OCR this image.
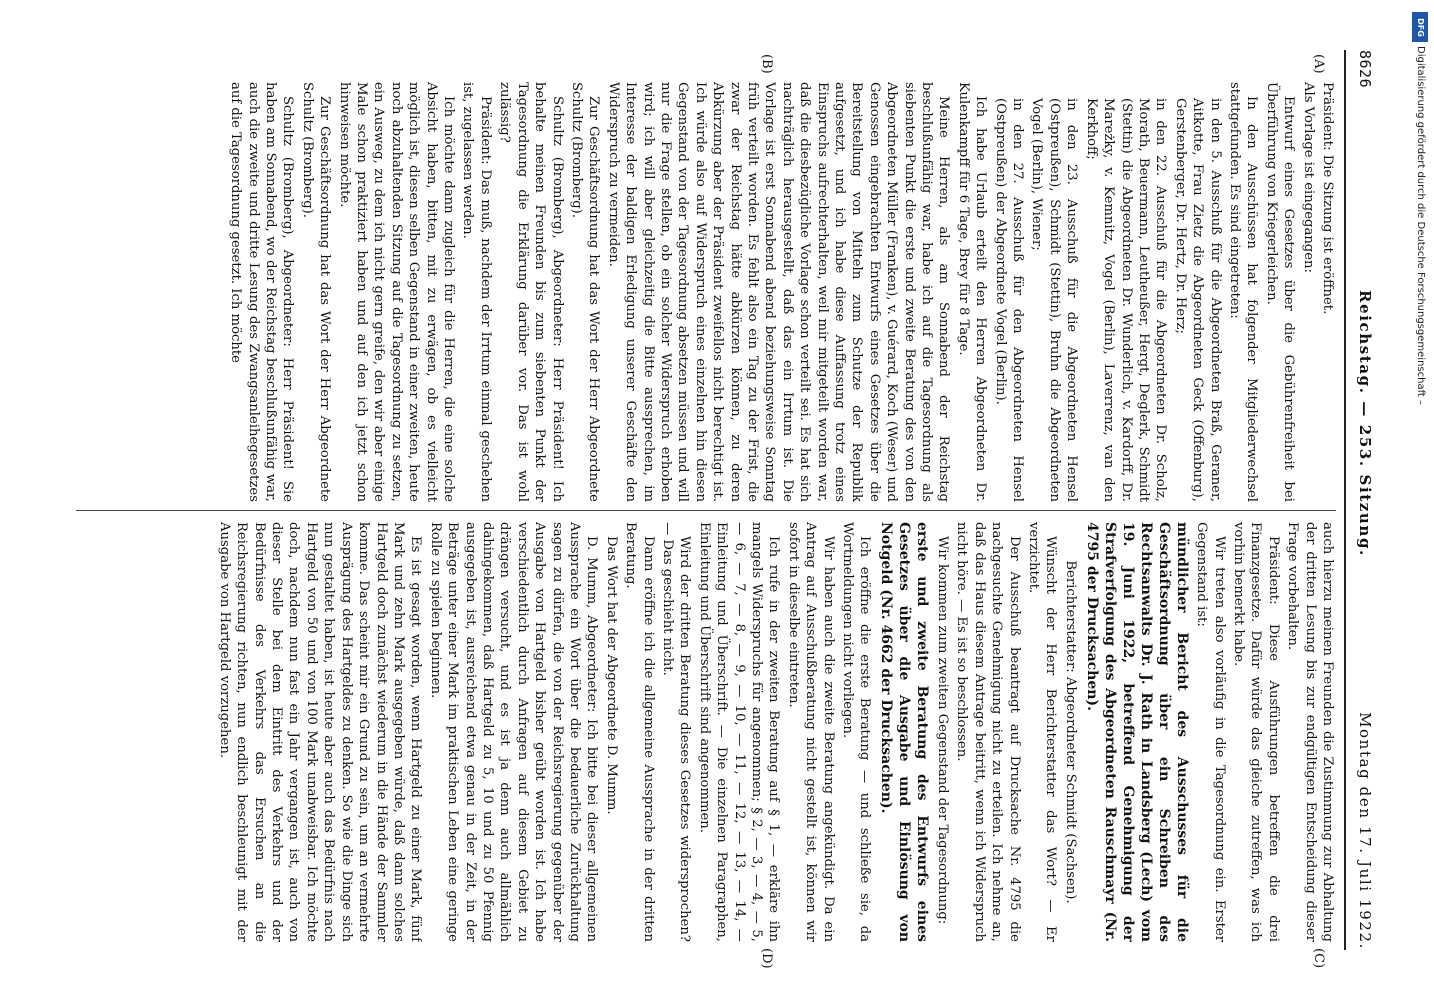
8626
Reichstag. — 253. Sitzung.
Montag den 17. Juli 1922.
(A)
(B)
(C)
(D)

Präsident: Die Sitzung ist eröffnet.

Als Vorlage ist eingegangen:

Entwurf eines Gesetzes über die Gebührenfreiheit bei Überführung von Kriegerleichen.

In den Ausschüssen hat folgender Mitgliederwechsel stattgefunden. Es sind eingetreten:

in den 5. Ausschuß für die Abgeordneten Braß, Geraner, Aitkotte, Frau Zietz die Abgeordneten Geck (Offenburg), Gerstenberger, Dr. Hertz, Dr. Herz;

in den 22. Ausschuß für die Abgeordneten Dr. Scholz, Morath, Beuermann, Leutheußer, Hergt, Deglerk, Schmidt (Stettin) die Abgeordneten Dr. Wunderlich, v. Kardorff, Dr. Mareżky, v. Kemnitz, Vogel (Berlin), Laverrenz, van den Kerkhoff;

in den 23. Ausschuß für die Abgeordneten Hensel (Ostpreußen), Schmidt (Stettin), Bruhn die Abgeordneten Vogel (Berlin), Wiener;

in den 27. Ausschuß für den Abgeordneten Hensel (Ostpreußen) der Abgeordnete Vogel (Berlin).

Ich habe Urlaub erteilt den Herren Abgeordneten Dr. Kulenkampff für 6 Tage, Brey für 8 Tage.

Meine Herren, als am Sonnabend der Reichstag beschlußunfähig war, habe ich auf die Tagesordnung als siebenten Punkt die erste und zweite Beratung des von den Abgeordneten Müller (Franken), v. Guérard, Koch (Weser) und Genossen eingebrachten Entwurfs eines Gesetzes über die Bereitstellung von Mitteln zum Schutze der Republik aufgesetzt, und ich habe diese Auffassung trotz eines Einspruchs aufrechterhalten, weil mir mitgeteilt worden war, daß die diesbezügliche Vorlage schon verteilt sei. Es hat sich nachträglich herausgestellt, daß das ein Irrtum ist. Die Vorlage ist erst Sonnabend abend beziehungsweise Sonntag früh verteilt worden. Es fehlt also ein Tag zu der Frist, die zwar der Reichstag hätte abkürzen können, zu deren Abkürzung aber der Präsident zweifellos nicht berechtigt ist. Ich würde also auf Widerspruch eines einzelnen hin diesen Gegenstand von der Tagesordnung absetzen müssen und will nur die Frage stellen, ob ein solcher Widerspruch erhoben wird; ich will aber gleichzeitig die Bitte aussprechen, im Interesse der baldigen Erledigung unserer Geschäfte den Widerspruch zu vermeiden.

Zur Geschäftsordnung hat das Wort der Herr Abgeordnete Schultz (Bromberg).

Schultz (Bromberg), Abgeordneter: Herr Präsident! Ich behalte meinen Freunden bis zum siebenten Punkt der Tagesordnung die Erklärung darüber vor. Das ist wohl zulässig?

Präsident: Das muß, nachdem der Irrtum einmal geschehen ist, zugelassen werden.

Ich möchte dann zugleich für die Herren, die eine solche Absicht haben, bitten, mit zu erwägen, ob es vielleicht möglich ist, diesen selben Gegenstand in einer zweiten, heute noch abzuhaltenden Sitzung auf die Tagesordnung zu setzen, ein Ausweg, zu dem ich nicht gern greife, den wir aber einige Male schon praktiziert haben und auf den ich jetzt schon hinweisen möchte.

Zur Geschäftsordnung hat das Wort der Herr Abgeordnete Schultz (Bromberg).

Schultz (Bromberg), Abgeordneter: Herr Präsident! Sie haben am Sonnabend, wo der Reichstag beschlußunfähig war, auch die zweite und dritte Lesung des Zwangsanleihegesetzes auf die Tagesordnung gesetzt. Ich möchte

auch hierzu meinen Freunden die Zustimmung zur Abhaltung der dritten Lesung bis zur endgültigen Entscheidung dieser Frage vorbehalten.

Präsident: Diese Ausführungen betreffen die drei Finanzgesetze. Dafür würde das gleiche zutreffen, was ich vorhin bemerkt habe.

Wir treten also vorläufig in die Tagesordnung ein. Erster Gegenstand ist:

mündlicher Bericht des Ausschusses für die Geschäftsordnung über ein Schreiben des Rechtsanwalts Dr. J. Rath in Landsberg (Lech) vom 19. Juni 1922, betreffend Genehmigung der Strafverfolgung des Abgeordneten Rauschmayr (Nr. 4795 der Drucksachen).

Berichterstatter: Abgeordneter Schmidt (Sachsen).

Wünscht der Herr Berichterstatter das Wort? — Er verzichtet.

Der Ausschuß beantragt auf Drucksache Nr. 4795 die nachgesuchte Genehmigung nicht zu erteilen. Ich nehme an, daß das Haus diesem Antrage beitritt, wenn ich Widerspruch nicht höre. — Es ist so beschlossen.

Wir kommen zum zweiten Gegenstand der Tagesordnung:

erste und zweite Beratung des Entwurfs eines Gesetzes über die Ausgabe und Einlösung von Notgeld (Nr. 4662 der Drucksachen).

Ich eröffne die erste Beratung — und schließe sie, da Wortmeldungen nicht vorliegen.

Wir haben auch die zweite Beratung angekündigt. Da ein Antrag auf Ausschußberatung nicht gestellt ist, können wir sofort in dieselbe eintreten.

Ich rufe in der zweiten Beratung auf § 1, — erkläre ihn mangels Widerspruchs für angenommen; § 2, — 3, — 4, — 5, — 6, — 7, — 8, — 9, — 10, — 11, — 12, — 13, — 14, — Einleitung und Überschrift. — Die einzelnen Paragraphen, Einleitung und Überschrift sind angenommen.

Wird der dritten Beratung dieses Gesetzes widersprochen? — Das geschieht nicht.

Dann eröffne ich die allgemeine Aussprache in der dritten Beratung.

Das Wort hat der Abgeordnete D. Mumm.

D. Mumm, Abgeordneter: Ich bitte bei dieser allgemeinen Aussprache ein Wort über die bedauerliche Zurückhaltung sagen zu dürfen, die von der Reichsregierung gegenüber der Ausgabe von Hartgeld bisher geübt worden ist. Ich habe verschiedentlich durch Anfragen auf diesem Gebiet zu drängen versucht, und es ist ja denn auch allmählich dahingekommen, daß Hartgeld zu 5, 10 und zu 50 Pfennig ausgegeben ist, ausreichend etwa genau in der Zeit, in der Beträge unter einer Mark im praktischen Leben eine geringe Rolle zu spielen beginnen.

Es ist gesagt worden, wenn Hartgeld zu einer Mark, fünf Mark und zehn Mark ausgegeben würde, daß dann solches Hartgeld doch zunächst wiederum in die Hände der Sammler komme. Das scheint mir ein Grund zu sein, um an vermehrte Ausprägung des Hartgeldes zu denken. So wie die Dinge sich nun gestaltet haben, ist heute aber auch das Bedürfnis nach Hartgeld von 50 und von 100 Mark unabweisbar. Ich möchte doch, nachdem nun fast ein Jahr vergangen ist, auch von dieser Stelle bei dem Eintritt des Verkehrs und der Bedürfnisse des Verkehrs das Ersuchen an die Reichsregierung richten, nun endlich beschleunigt mit der Ausgabe von Hartgeld vorzugehen.

DFG
Digitalisierung gefördert durch die Deutsche Forschungsgemeinschaft –
